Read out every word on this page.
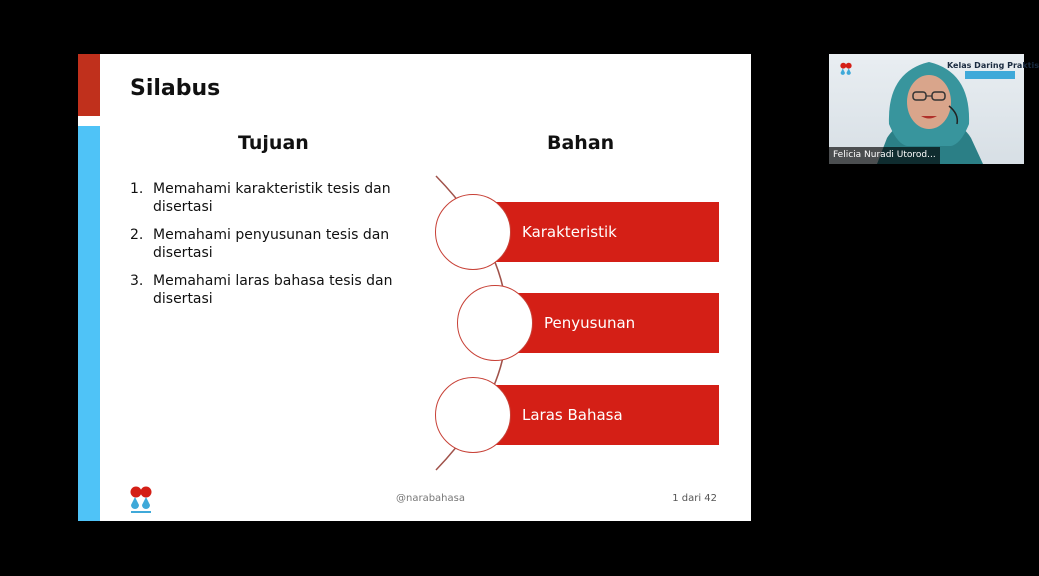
Silabus
Tujuan	Bahan
1. Memahami karakteristik tesis dan disertasi
2. Memahami penyusunan tesis dan disertasi
3. Memahami laras bahasa tesis dan disertasi
Karakteristik
Penyusunan
Laras Bahasa
@narabahasa	1 dari 42
Kelas Daring Praktis
Felicia Nuradi Utorod...
